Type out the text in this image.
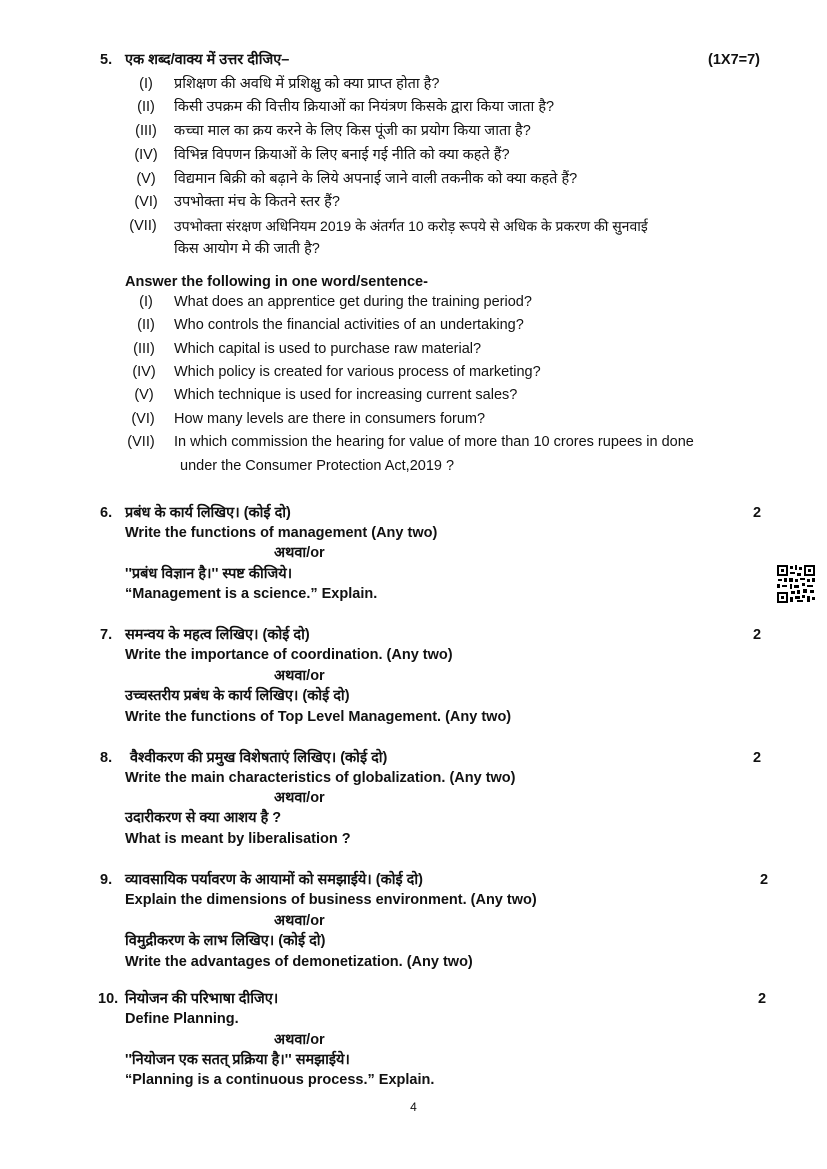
5. एक शब्द/वाक्य में उत्तर दीजिए–	(1X7=7)
(I)	प्रशिक्षण की अवधि में प्रशिक्षु को क्या प्राप्त होता है?
(II)	किसी उपक्रम की वित्तीय क्रियाओं का नियंत्रण किसके द्वारा किया जाता है?
(III)	कच्चा माल का क्रय करने के लिए किस पूंजी का प्रयोग किया जाता है?
(IV)	विभिन्न विपणन क्रियाओं के लिए बनाई गई नीति को क्या कहते हैं?
(V)	विद्यमान बिक्री को बढ़ाने के लिये अपनाई जाने वाली तकनीक को क्या कहते हैं?
(VI)	उपभोक्ता मंच के कितने स्तर हैं?
(VII)	उपभोक्ता संरक्षण अधिनियम 2019 के अंतर्गत 10 करोड़ रूपये से अधिक के प्रकरण की सुनवाई
किस आयोग मे की जाती है?
Answer the following in one word/sentence-
(I)	What does an apprentice get during the training period?
(II)	Who controls the financial activities of an undertaking?
(III)	Which capital is used to purchase raw material?
(IV)	Which policy is created for various process of marketing?
(V)	Which technique is used for increasing current sales?
(VI)	How many levels are there in consumers forum?
(VII) In which commission the hearing for value of more than 10 crores rupees in done
under the Consumer Protection Act,2019 ?
6. प्रबंध के कार्य लिखिए। (कोई दो)	2
Write the functions of management (Any two)
अथवा/or
''प्रबंध विज्ञान है।'' स्पष्ट कीजिये।
“Management is a science.” Explain.
7. समन्वय के महत्व लिखिए। (कोई दो)	2
Write the importance of coordination. (Any two)
अथवा/or
उच्चस्तरीय प्रबंध के कार्य लिखिए। (कोई दो)
Write the functions of Top Level Management. (Any two)
8. वैश्वीकरण की प्रमुख विशेषताएं लिखिए। (कोई दो)	2
Write the main characteristics of globalization. (Any two)
अथवा/or
उदारीकरण से क्या आशय है ?
What is meant by liberalisation ?
9. व्यावसायिक पर्यावरण के आयामों को समझाईये। (कोई दो)	2
Explain the dimensions of business environment. (Any two)
अथवा/or
विमुद्रीकरण के लाभ लिखिए। (कोई दो)
Write the advantages of demonetization. (Any two)
10. नियोजन की परिभाषा दीजिए।	2
Define Planning.
अथवा/or
''नियोजन एक सतत् प्रक्रिया है।'' समझाईये।
“Planning is a continuous process.” Explain.
4
